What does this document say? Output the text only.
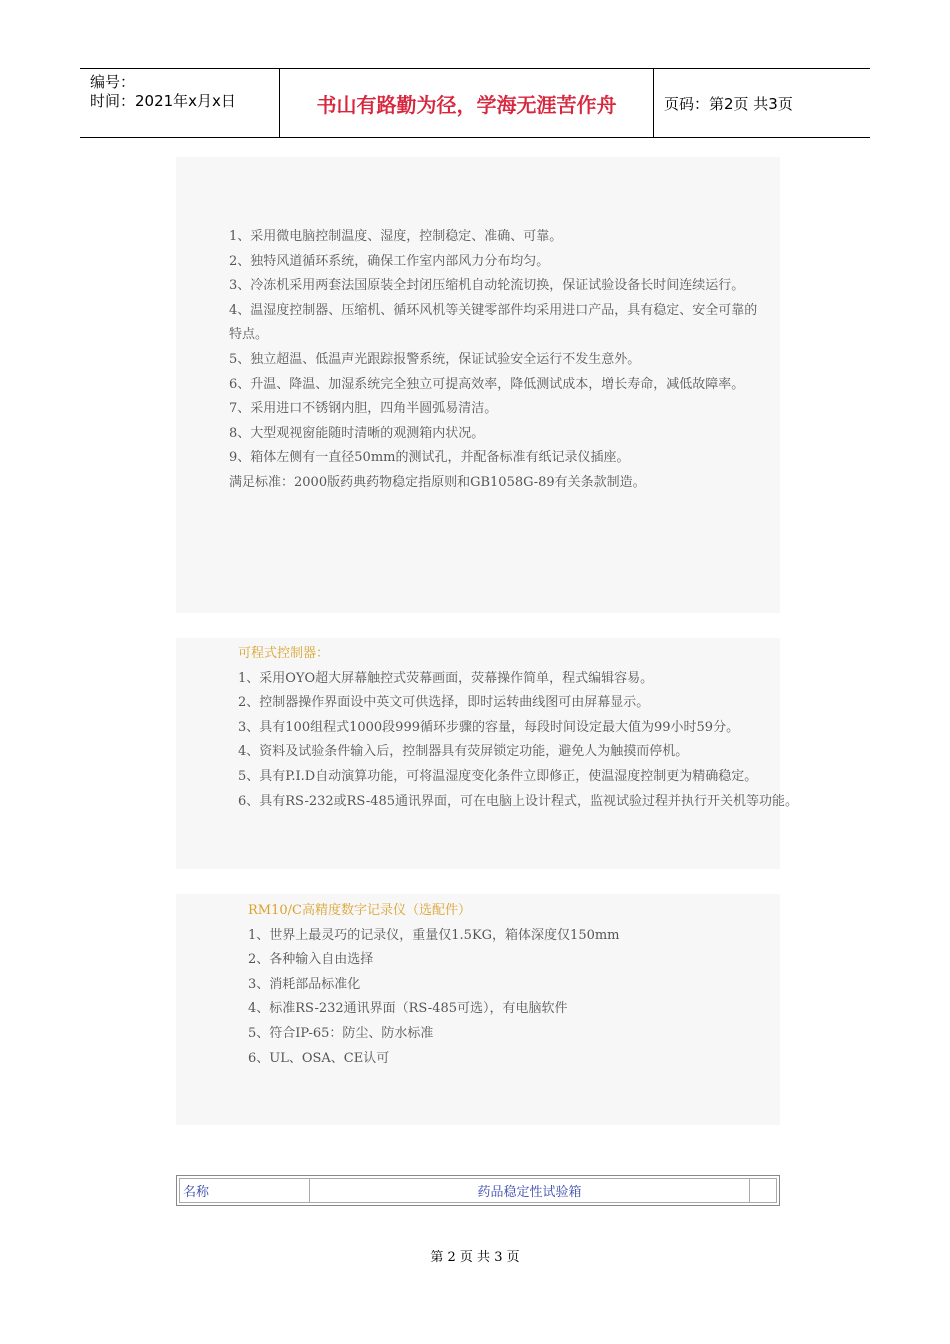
编号：
时间：2021年x月x日	书山有路勤为径，学海无涯苦作舟	页码：第2页 共3页
1、采用微电脑控制温度、湿度，控制稳定、准确、可靠。
2、独特风道循环系统，确保工作室内部风力分布均匀。
3、冷冻机采用两套法国原装全封闭压缩机自动轮流切换，保证试验设备长时间连续运行。
4、温湿度控制器、压缩机、循环风机等关键零部件均采用进口产品，具有稳定、安全可靠的
特点。
5、独立超温、低温声光跟踪报警系统，保证试验安全运行不发生意外。
6、升温、降温、加湿系统完全独立可提高效率，降低测试成本，增长寿命，减低故障率。
7、采用进口不锈钢内胆，四角半圆弧易清洁。
8、大型观视窗能随时清晰的观测箱内状况。
9、箱体左侧有一直径50mm的测试孔，并配备标准有纸记录仪插座。
满足标准：2000版药典药物稳定指原则和GB1058G-89有关条款制造。
可程式控制器：
1、采用OYO超大屏幕触控式荧幕画面，荧幕操作简单，程式编辑容易。
2、控制器操作界面设中英文可供选择，即时运转曲线图可由屏幕显示。
3、具有100组程式1000段999循环步骤的容量，每段时间设定最大值为99小时59分。
4、资料及试验条件输入后，控制器具有荧屏锁定功能，避免人为触摸而停机。
5、具有P.I.D自动演算功能，可将温湿度变化条件立即修正，使温湿度控制更为精确稳定。
6、具有RS-232或RS-485通讯界面，可在电脑上设计程式，监视试验过程并执行开关机等功能。
RM10/C高精度数字记录仪（选配件）
1、世界上最灵巧的记录仪，重量仅1.5KG，箱体深度仅150mm
2、各种输入自由选择
3、消耗部品标准化
4、标准RS-232通讯界面（RS-485可选），有电脑软件
5、符合IP-65：防尘、防水标准
6、UL、OSA、CE认可
名称	药品稳定性试验箱
第 2 页 共 3 页
